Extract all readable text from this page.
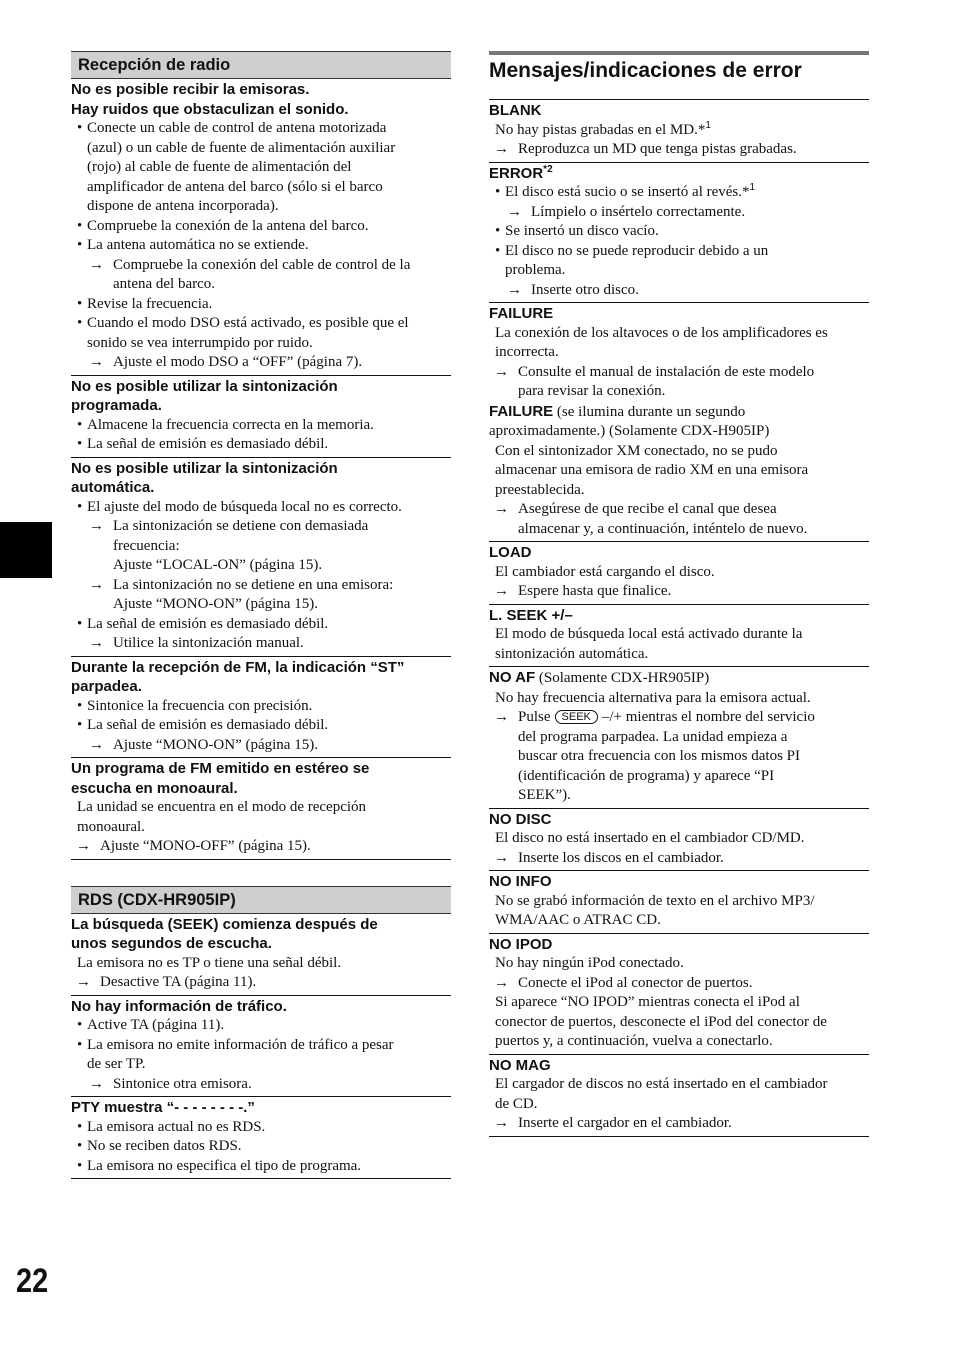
Recepción de radio
No es posible recibir la emisoras.
Hay ruidos que obstaculizan el sonido.
• Conecte un cable de control de antena motorizada
(azul) o un cable de fuente de alimentación auxiliar
(rojo) al cable de fuente de alimentación del
amplificador de antena del barco (sólo si el barco
dispone de antena incorporada).
• Compruebe la conexión de la antena del barco.
• La antena automática no se extiende.
→ Compruebe la conexión del cable de control de la
antena del barco.
• Revise la frecuencia.
• Cuando el modo DSO está activado, es posible que el
sonido se vea interrumpido por ruido.
→ Ajuste el modo DSO a “OFF” (página 7).
No es posible utilizar la sintonización
programada.
• Almacene la frecuencia correcta en la memoria.
• La señal de emisión es demasiado débil.
No es posible utilizar la sintonización
automática.
• El ajuste del modo de búsqueda local no es correcto.
→ La sintonización se detiene con demasiada
frecuencia:
Ajuste “LOCAL-ON” (página 15).
→ La sintonización no se detiene en una emisora:
Ajuste “MONO-ON” (página 15).
• La señal de emisión es demasiado débil.
→ Utilice la sintonización manual.
Durante la recepción de FM, la indicación “ST”
parpadea.
• Sintonice la frecuencia con precisión.
• La señal de emisión es demasiado débil.
→ Ajuste “MONO-ON” (página 15).
Un programa de FM emitido en estéreo se
escucha en monoaural.
La unidad se encuentra en el modo de recepción
monoaural.
→ Ajuste “MONO-OFF” (página 15).
RDS (CDX-HR905IP)
La búsqueda (SEEK) comienza después de
unos segundos de escucha.
La emisora no es TP o tiene una señal débil.
→ Desactive TA (página 11).
No hay información de tráfico.
• Active TA (página 11).
• La emisora no emite información de tráfico a pesar
de ser TP.
→ Sintonice otra emisora.
PTY muestra “- - - - - - - -.”
• La emisora actual no es RDS.
• No se reciben datos RDS.
• La emisora no especifica el tipo de programa.
Mensajes/indicaciones de error
BLANK
No hay pistas grabadas en el MD.*$^1$
→ Reproduzca un MD que tenga pistas grabadas.
ERROR$^{*2}$
• El disco está sucio o se insertó al revés.*$^1$
→ Límpielo o insértelo correctamente.
• Se insertó un disco vacío.
• El disco no se puede reproducir debido a un
problema.
→ Inserte otro disco.
FAILURE
La conexión de los altavoces o de los amplificadores es
incorrecta.
→ Consulte el manual de instalación de este modelo
para revisar la conexión.
FAILURE (se ilumina durante un segundo
aproximadamente.) (Solamente CDX-H905IP)
Con el sintonizador XM conectado, no se pudo
almacenar una emisora de radio XM en una emisora
preestablecida.
→ Asegúrese de que recibe el canal que desea
almacenar y, a continuación, inténtelo de nuevo.
LOAD
El cambiador está cargando el disco.
→ Espere hasta que finalice.
L. SEEK +/–
El modo de búsqueda local está activado durante la
sintonización automática.
NO AF (Solamente CDX-HR905IP)
No hay frecuencia alternativa para la emisora actual.
→ Pulse SEEK –/+ mientras el nombre del servicio
del programa parpadea. La unidad empieza a
buscar otra frecuencia con los mismos datos PI
(identificación de programa) y aparece “PI
SEEK”).
NO DISC
El disco no está insertado en el cambiador CD/MD.
→ Inserte los discos en el cambiador.
NO INFO
No se grabó información de texto en el archivo MP3/
WMA/AAC o ATRAC CD.
NO IPOD
No hay ningún iPod conectado.
→ Conecte el iPod al conector de puertos.
Si aparece “NO IPOD” mientras conecta el iPod al
conector de puertos, desconecte el iPod del conector de
puertos y, a continuación, vuelva a conectarlo.
NO MAG
El cargador de discos no está insertado en el cambiador
de CD.
→ Inserte el cargador en el cambiador.
22
